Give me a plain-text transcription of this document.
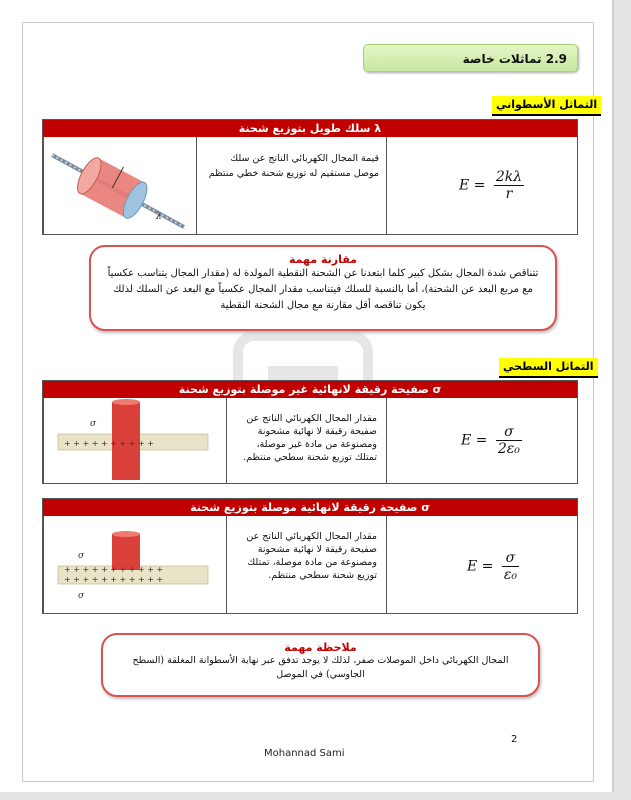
2.9 تماثلات خاصة
التماثل الأسطواني
سلك طويل بتوزيع شحنة λ
λ
قيمة المجال الكهربائي الناتج عن سلك موصل مستقيم له توزيع شحنة خطي منتظم
$E = \frac{2k\lambda}{r}$
مقارنة مهمة
تتناقص شدة المجال بشكل كبير كلما ابتعدنا عن الشحنة النقطية المولدة له (مقدار المجال يتناسب عكسياً مع مربع البعد عن الشحنة)، أما بالنسبة للسلك فيتناسب مقدار المجال عكسياً مع البعد عن السلك لذلك يكون تناقصه أقل مقارنة مع مجال الشحنة النقطية
التماثل السطحي
صفيحة رقيقة لانهائية غير موصلة بتوزيع شحنة σ
+ + + + + + + + + +
σ	مقدار المجال الكهربائي الناتج عن صفيحة رقيقة لا نهائية مشحونة ومصنوعة من مادة غير موصلة، تمتلك توزيع شحنة سطحي منتظم.
$E = \frac{\sigma}{\text{2ε₀}}$
صفيحة رقيقة لانهائية موصلة بتوزيع شحنة σ
+ + + + + + + + + + +
+ + + + + + + + + + +
σ
σ
مقدار المجال الكهربائي الناتج عن صفيحة رقيقة لا نهائية مشحونة ومصنوعة من مادة موصلة، تمتلك توزيع شحنة سطحي منتظم.
$E = \frac{\sigma}{\text{ε₀}}$
ملاحظة مهمة
المجال الكهربائي داخل الموصلات صفر، لذلك لا يوجد تدفق عبر نهاية الأسطوانة المغلقة (السطح الجاوسي) في الموصل
2
Mohannad Sami
